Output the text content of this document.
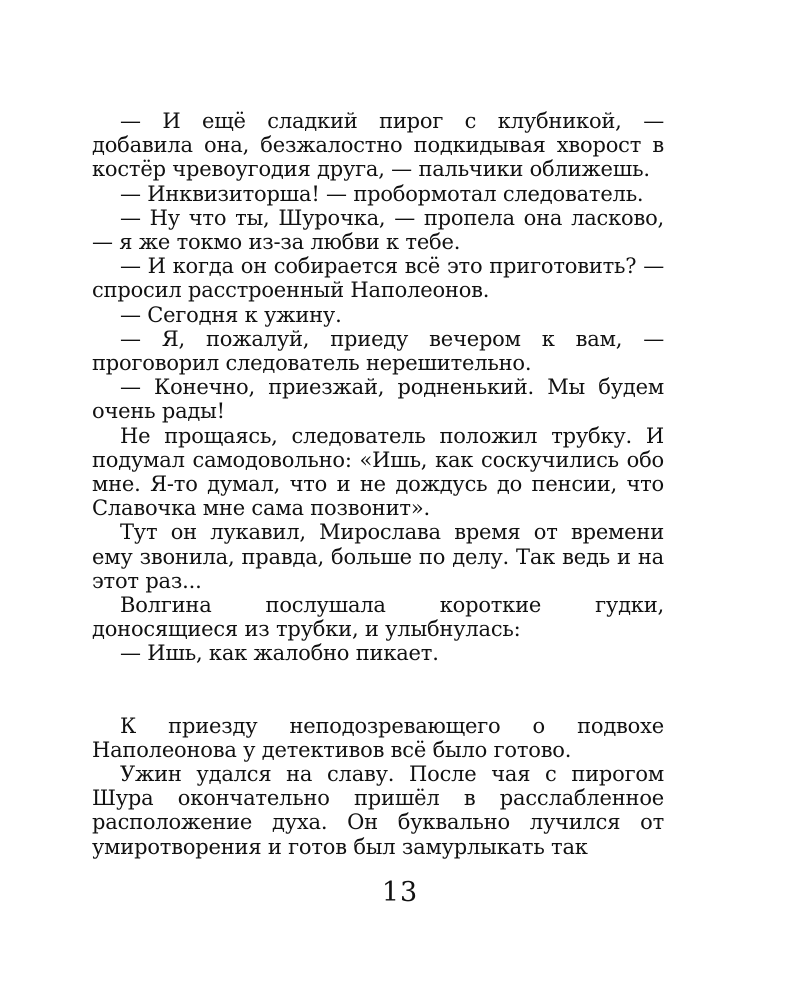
— И ещё сладкий пирог с клубникой, — добавила она, безжалостно подкидывая хворост в костёр чревоугодия друга, — пальчики оближешь.

— Инквизиторша! — пробормотал следователь.

— Ну что ты, Шурочка, — пропела она ласково, — я же токмо из-за любви к тебе.

— И когда он собирается всё это приготовить? — спросил расстроенный Наполеонов.

— Сегодня к ужину.

— Я, пожалуй, приеду вечером к вам, — проговорил следователь нерешительно.

— Конечно, приезжай, родненький. Мы будем очень рады!

Не прощаясь, следователь положил трубку. И подумал самодовольно: «Ишь, как соскучились обо мне. Я-то думал, что и не дождусь до пенсии, что Славочка мне сама позвонит».

Тут он лукавил, Мирослава время от времени ему звонила, правда, больше по делу. Так ведь и на этот раз...

Волгина послушала короткие гудки, доносящиеся из трубки, и улыбнулась:

— Ишь, как жалобно пикает.

К приезду неподозревающего о подвохе Наполеонова у детективов всё было готово.

Ужин удался на славу. После чая с пирогом Шура окончательно пришёл в расслабленное расположение духа. Он буквально лучился от умиротворения и готов был замурлыкать так

13
